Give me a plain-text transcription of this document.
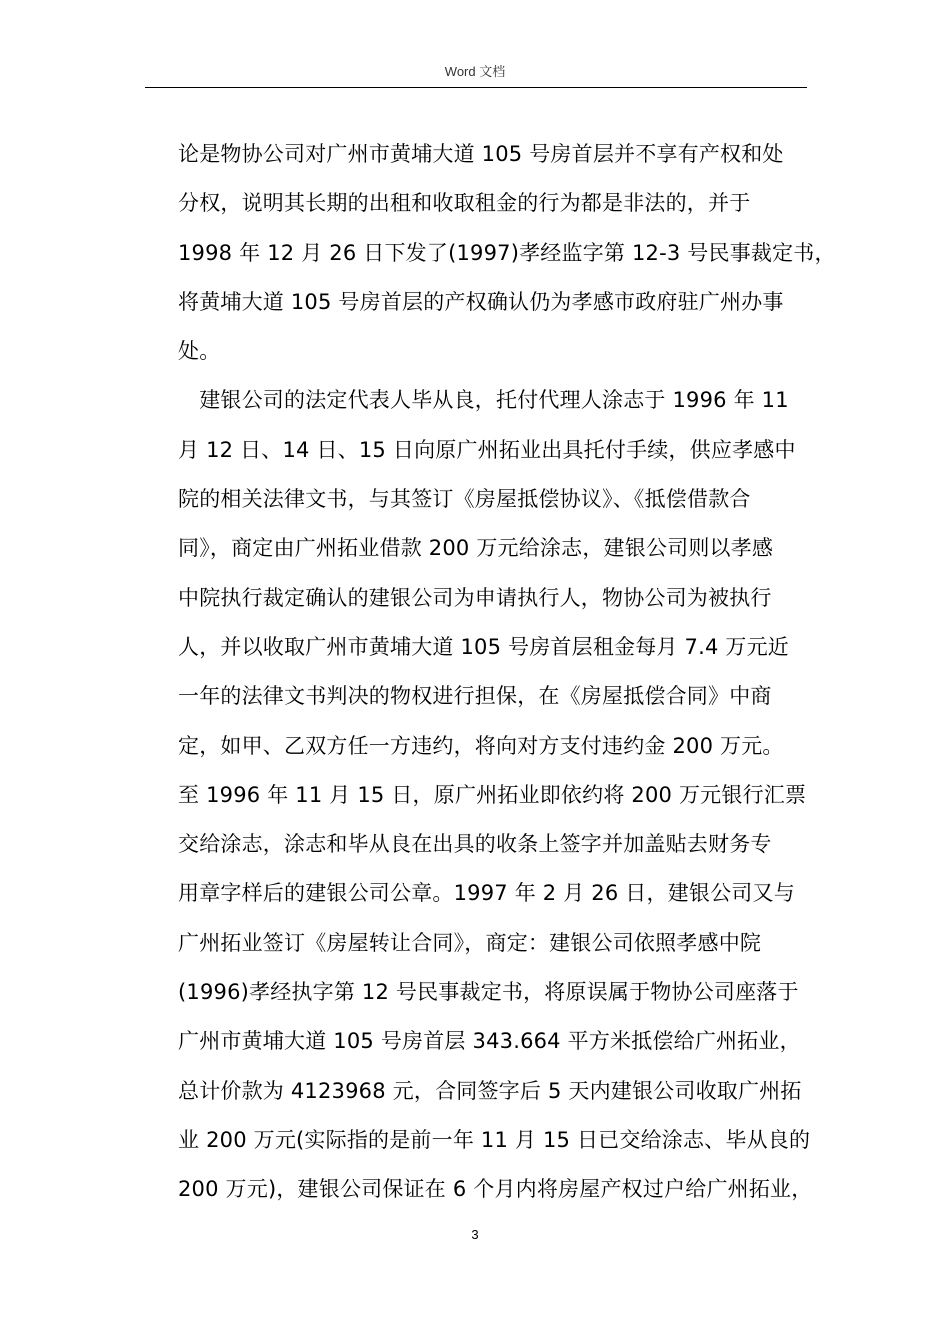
Word 文档
论是物协公司对广州市黄埔大道 105 号房首层并不享有产权和处
分权，说明其长期的出租和收取租金的行为都是非法的，并于
1998 年 12 月 26 日下发了(1997)孝经监字第 12-3 号民事裁定书，
将黄埔大道 105 号房首层的产权确认仍为孝感市政府驻广州办事
处。
　建银公司的法定代表人毕从良，托付代理人涂志于 1996 年 11
月 12 日、14 日、15 日向原广州拓业出具托付手续，供应孝感中
院的相关法律文书，与其签订《房屋抵偿协议》、《抵偿借款合
同》，商定由广州拓业借款 200 万元给涂志，建银公司则以孝感
中院执行裁定确认的建银公司为申请执行人，物协公司为被执行
人，并以收取广州市黄埔大道 105 号房首层租金每月 7.4 万元近
一年的法律文书判决的物权进行担保，在《房屋抵偿合同》中商
定，如甲、乙双方任一方违约，将向对方支付违约金 200 万元。
至 1996 年 11 月 15 日，原广州拓业即依约将 200 万元银行汇票
交给涂志，涂志和毕从良在出具的收条上签字并加盖贴去财务专
用章字样后的建银公司公章。1997 年 2 月 26 日，建银公司又与
广州拓业签订《房屋转让合同》，商定：建银公司依照孝感中院
(1996)孝经执字第 12 号民事裁定书，将原误属于物协公司座落于
广州市黄埔大道 105 号房首层 343.664 平方米抵偿给广州拓业，
总计价款为 4123968 元，合同签字后 5 天内建银公司收取广州拓
业 200 万元(实际指的是前一年 11 月 15 日已交给涂志、毕从良的
200 万元)，建银公司保证在 6 个月内将房屋产权过户给广州拓业，
3
